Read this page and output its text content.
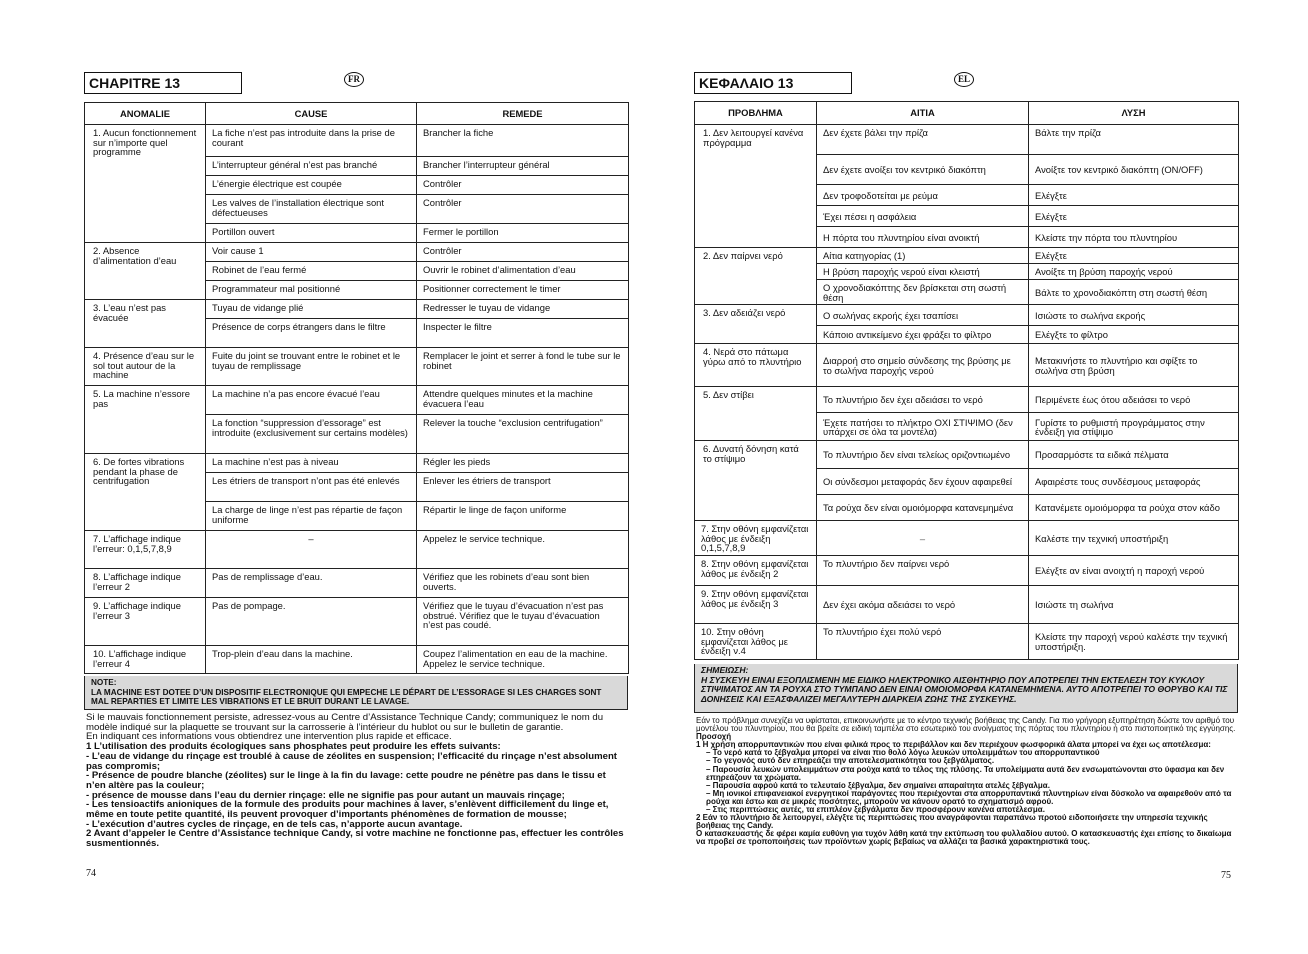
CHAPITRE 13	FR
ANOMALIE	CAUSE	REMEDE
1. Aucun fonctionnement sur n’importe quel programme	La fiche n’est pas introduite dans la prise de courant	Brancher la fiche
	L’interrupteur général n’est pas branché	Brancher l’interrupteur général
	L’énergie électrique est coupée	Contrôler
	Les valves de l’installation électrique sont défectueuses	Contrôler
	Portillon ouvert	Fermer le portillon
2. Absence d’alimentation d’eau	Voir cause 1	Contrôler
	Robinet de l’eau fermé	Ouvrir le robinet d’alimentation d’eau
	Programmateur mal positionné	Positionner correctement le timer
3. L’eau n’est pas évacuée	Tuyau de vidange plié	Redresser le tuyau de vidange
	Présence de corps étrangers dans le filtre	Inspecter le filtre
4. Présence d’eau sur le sol tout autour de la machine	Fuite du joint se trouvant entre le robinet et le tuyau de remplissage	Remplacer le joint et serrer à fond le tube sur le robinet
5. La machine n’essore pas	La machine n’a pas encore évacué l’eau	Attendre quelques minutes et la machine évacuera l’eau
	La fonction “suppression d’essorage” est introduite (exclusivement sur certains modèles)	Relever la touche “exclusion centrifugation”
6. De fortes vibrations pendant la phase de centrifugation	La machine n’est pas à niveau	Régler les pieds
	Les étriers de transport n’ont pas été enlevés	Enlever les étriers de transport
	La charge de linge n’est pas répartie de façon uniforme	Répartir le linge de façon uniforme
7. L’affichage indique l’erreur: 0,1,5,7,8,9	–	Appelez le service technique.
8. L’affichage indique l’erreur 2	Pas de remplissage d’eau.	Vérifiez que les robinets d’eau sont bien ouverts.
9. L’affichage indique l’erreur 3	Pas de pompage.	Vérifiez que le tuyau d’évacuation n’est pas obstrué. Vérifiez que le tuyau d’évacuation n’est pas coudé.
10. L’affichage indique l’erreur 4	Trop-plein d’eau dans la machine.	Coupez l’alimentation en eau de la machine. Appelez le service technique.
NOTE:
LA MACHINE EST DOTEE D’UN DISPOSITIF ELECTRONIQUE QUI EMPECHE LE DÉPART DE L’ESSORAGE SI LES CHARGES SONT MAL REPARTIES ET LIMITE LES VIBRATIONS ET LE BRUIT DURANT LE LAVAGE.

Si le mauvais fonctionnement persiste, adressez-vous au Centre d’Assistance Technique Candy; communiquez le nom du modèle indiqué sur la plaquette se trouvant sur la carrosserie à l’intérieur du hublot ou sur le bulletin de garantie.

En indiquant ces informations vous obtiendrez une intervention plus rapide et efficace.

1 L’utilisation des produits écologiques sans phosphates peut produire les effets suivants:

- L’eau de vidange du rinçage est troublé à cause de zéolites en suspension; l’efficacité du rinçage n’est absolument pas compromis;

- Présence de poudre blanche (zéolites) sur le linge à la fin du lavage: cette poudre ne pénètre pas dans le tissu et n’en altère pas la couleur;

- présence de mousse dans l’eau du dernier rinçage: elle ne signifie pas pour autant un mauvais rinçage;

- Les tensioactifs anioniques de la formule des produits pour machines à laver, s’enlèvent difficilement du linge et, même en toute petite quantité, ils peuvent provoquer d’importants phénomènes de formation de mousse;

- L’exécution d’autres cycles de rinçage, en de tels cas, n’apporte aucun avantage.

2 Avant d’appeler le Centre d’Assistance technique Candy, si votre machine ne fonctionne pas, effectuer les contrôles susmentionnés.

74
ΚΕΦΑΛΑΙΟ 13	EL
ΠΡΟΒΛΗΜΑ	ΑΙΤΙΑ	ΛΥΣΗ
1. Δεν λειτουργεί κανένα πρόγραμμα	Δεν έχετε βάλει την πρίζα	Βάλτε την πρίζα
	Δεν έχετε ανοίξει τον κεντρικό διακόπτη	Ανοίξτε τον κεντρικό διακόπτη (ON/OFF)
	Δεν τροφοδοτείται με ρεύμα	Ελέγξτε
	Έχει πέσει η ασφάλεια	Ελέγξτε
	Η πόρτα του πλυντηρίου είναι ανοικτή	Κλείστε την πόρτα του πλυντηρίου
2. Δεν παίρνει νερό	Αίτια κατηγορίας (1)	Ελέγξτε
	Η βρύση παροχής νερού είναι κλειστή	Ανοίξτε τη βρύση παροχής νερού
	Ο χρονοδιακόπτης δεν βρίσκεται στη σωστή θέση	Βάλτε το χρονοδιακόπτη στη σωστή θέση
3. Δεν αδειάζει νερό	Ο σωλήνας εκροής έχει τσαπίσει	Ισιώστε το σωλήνα εκροής
	Κάποιο αντικείμενο έχει φράξει το φίλτρο	Ελέγξτε το φίλτρο
4. Νερά στο πάτωμα γύρω από το πλυντήριο	Διαρροή στο σημείο σύνδεσης της βρύσης με το σωλήνα παροχής νερού	Μετακινήστε το πλυντήριο και σφίξτε το σωλήνα στη βρύση
5. Δεν στίβει	Το πλυντήριο δεν έχει αδειάσει το νερό	Περιμένετε έως ότου αδειάσει το νερό
	Έχετε πατήσει το πλήκτρο ΟΧΙ ΣΤΙΨΙΜΟ (δεν υπάρχει σε όλα τα μοντέλα)	Γυρίστε το ρυθμιστή προγράμματος στην ένδειξη για στίψιμο
6. Δυνατή δόνηση κατά το στίψιμο	Το πλυντήριο δεν είναι τελείως οριζοντιωμένο	Προσαρμόστε τα ειδικά πέλματα
	Οι σύνδεσμοι μεταφοράς δεν έχουν αφαιρεθεί	Αφαιρέστε τους συνδέσμους μεταφοράς
	Τα ρούχα δεν είναι ομοιόμορφα κατανεμημένα	Κατανέμετε ομοιόμορφα τα ρούχα στον κάδο
7. Στην οθόνη εμφανίζεται λάθος με ένδειξη 0,1,5,7,8,9	–	Καλέστε την τεχνική υποστήριξη
8. Στην οθόνη εμφανίζεται λάθος με ένδειξη 2	Το πλυντήριο δεν παίρνει νερό	Ελέγξτε αν είναι ανοιχτή η παροχή νερού
9. Στην οθόνη εμφανίζεται λάθος με ένδειξη 3	Δεν έχει ακόμα αδειάσει το νερό	Ισιώστε τη σωλήνα
10. Στην οθόνη εμφανίζεται λάθος με ένδειξη ν.4	Το πλυντήριο έχει πολύ νερό	Κλείστε την παροχή νερού καλέστε την τεχνική υποστήριξη.
ΣΗΜΕΙΩΣΗ:
Η ΣΥΣΚΕΥΗ ΕΙΝΑΙ ΕΞΟΠΛΙΣΜΕΝΗ ΜΕ ΕΙΔΙΚΟ ΗΛΕΚΤΡΟΝΙΚΟ ΑΙΣΘΗΤΗΡΙΟ ΠΟΥ ΑΠΟΤΡΕΠΕΙ ΤΗΝ ΕΚΤΕΛΕΣΗ ΤΟΥ ΚΥΚΛΟΥ ΣΤΙΨΙΜΑΤΟΣ ΑΝ ΤΑ ΡΟΥΧΑ ΣΤΟ ΤΥΜΠΑΝΟ ΔΕΝ ΕΙΝΑΙ ΟΜΟΙΟΜΟΡΦΑ ΚΑΤΑΝΕΜΗΜΕΝΑ. ΑΥΤΟ ΑΠΟΤΡΕΠΕΙ ΤΟ ΘΟΡΥΒΟ ΚΑΙ ΤΙΣ ΔΟΝΗΣΕΙΣ ΚΑΙ ΕΞΑΣΦΑΛΙΖΕΙ ΜΕΓΑΛΥΤΕΡΗ ΔΙΑΡΚΕΙΑ ΖΩΗΣ ΤΗΣ ΣΥΣΚΕΥΗΣ.

Εάν το πρόβλημα συνεχίζει να υφίσταται, επικοινωνήστε με το κέντρο τεχνικής βοήθειας της Candy. Για πιο γρήγορη εξυπηρέτηση δώστε τον αριθμό του μοντέλου του πλυντηρίου, που θα βρείτε σε ειδική ταμπέλα στο εσωτερικό του ανοίγματος της πόρτας του πλυντηρίου ή στο πιστοποιητικό της εγγύησης.

Προσοχή

1 Η χρήση απορρυπαντικών που είναι φιλικά προς το περιβάλλον και δεν περιέχουν φωσφορικά άλατα μπορεί να έχει ως αποτέλεσμα:

– Το νερό κατά το ξέβγαλμα μπορεί να είναι πιο θολό λόγω λευκών υπολειμμάτων του απορρυπαντικού

– Το γεγονός αυτό δεν επηρεάζει την αποτελεσματικότητα του ξεβγάλματος.

– Παρουσία λευκών υπολειμμάτων στα ρούχα κατά το τέλος της πλύσης. Τα υπολείμματα αυτά δεν ενσωματώνονται στο ύφασμα και δεν επηρεάζουν τα χρώματα.

– Παρουσία αφρού κατά το τελευταίο ξέβγαλμα, δεν σημαίνει απαραίτητα ατελές ξέβγαλμα.

– Μη ιονικοί επιφανειακοί ενεργητικοί παράγοντες που περιέχονται στα απορρυπαντικά πλυντηρίων είναι δύσκολο να αφαιρεθούν από τα ρούχα και έστω και σε μικρές ποσότητες, μπορούν να κάνουν ορατό το σχηματισμό αφρού.

– Στις περιπτώσεις αυτές, τα επιπλέον ξεβγάλματα δεν προσφέρουν κανένα αποτέλεσμα.

2 Εάν το πλυντήριο δε λειτουργεί, ελέγξτε τις περιπτώσεις που αναγράφονται παραπάνω προτού ειδοποιήσετε την υπηρεσία τεχνικής βοήθειας της Candy.

Ο κατασκευαστής δε φέρει καμία ευθύνη για τυχόν λάθη κατά την εκτύπωση του φυλλαδίου αυτού. Ο κατασκευαστής έχει επίσης το δικαίωμα να προβεί σε τροποποιήσεις των προϊόντων χωρίς βεβαίως να αλλάζει τα βασικά χαρακτηριστικά τους.

75
